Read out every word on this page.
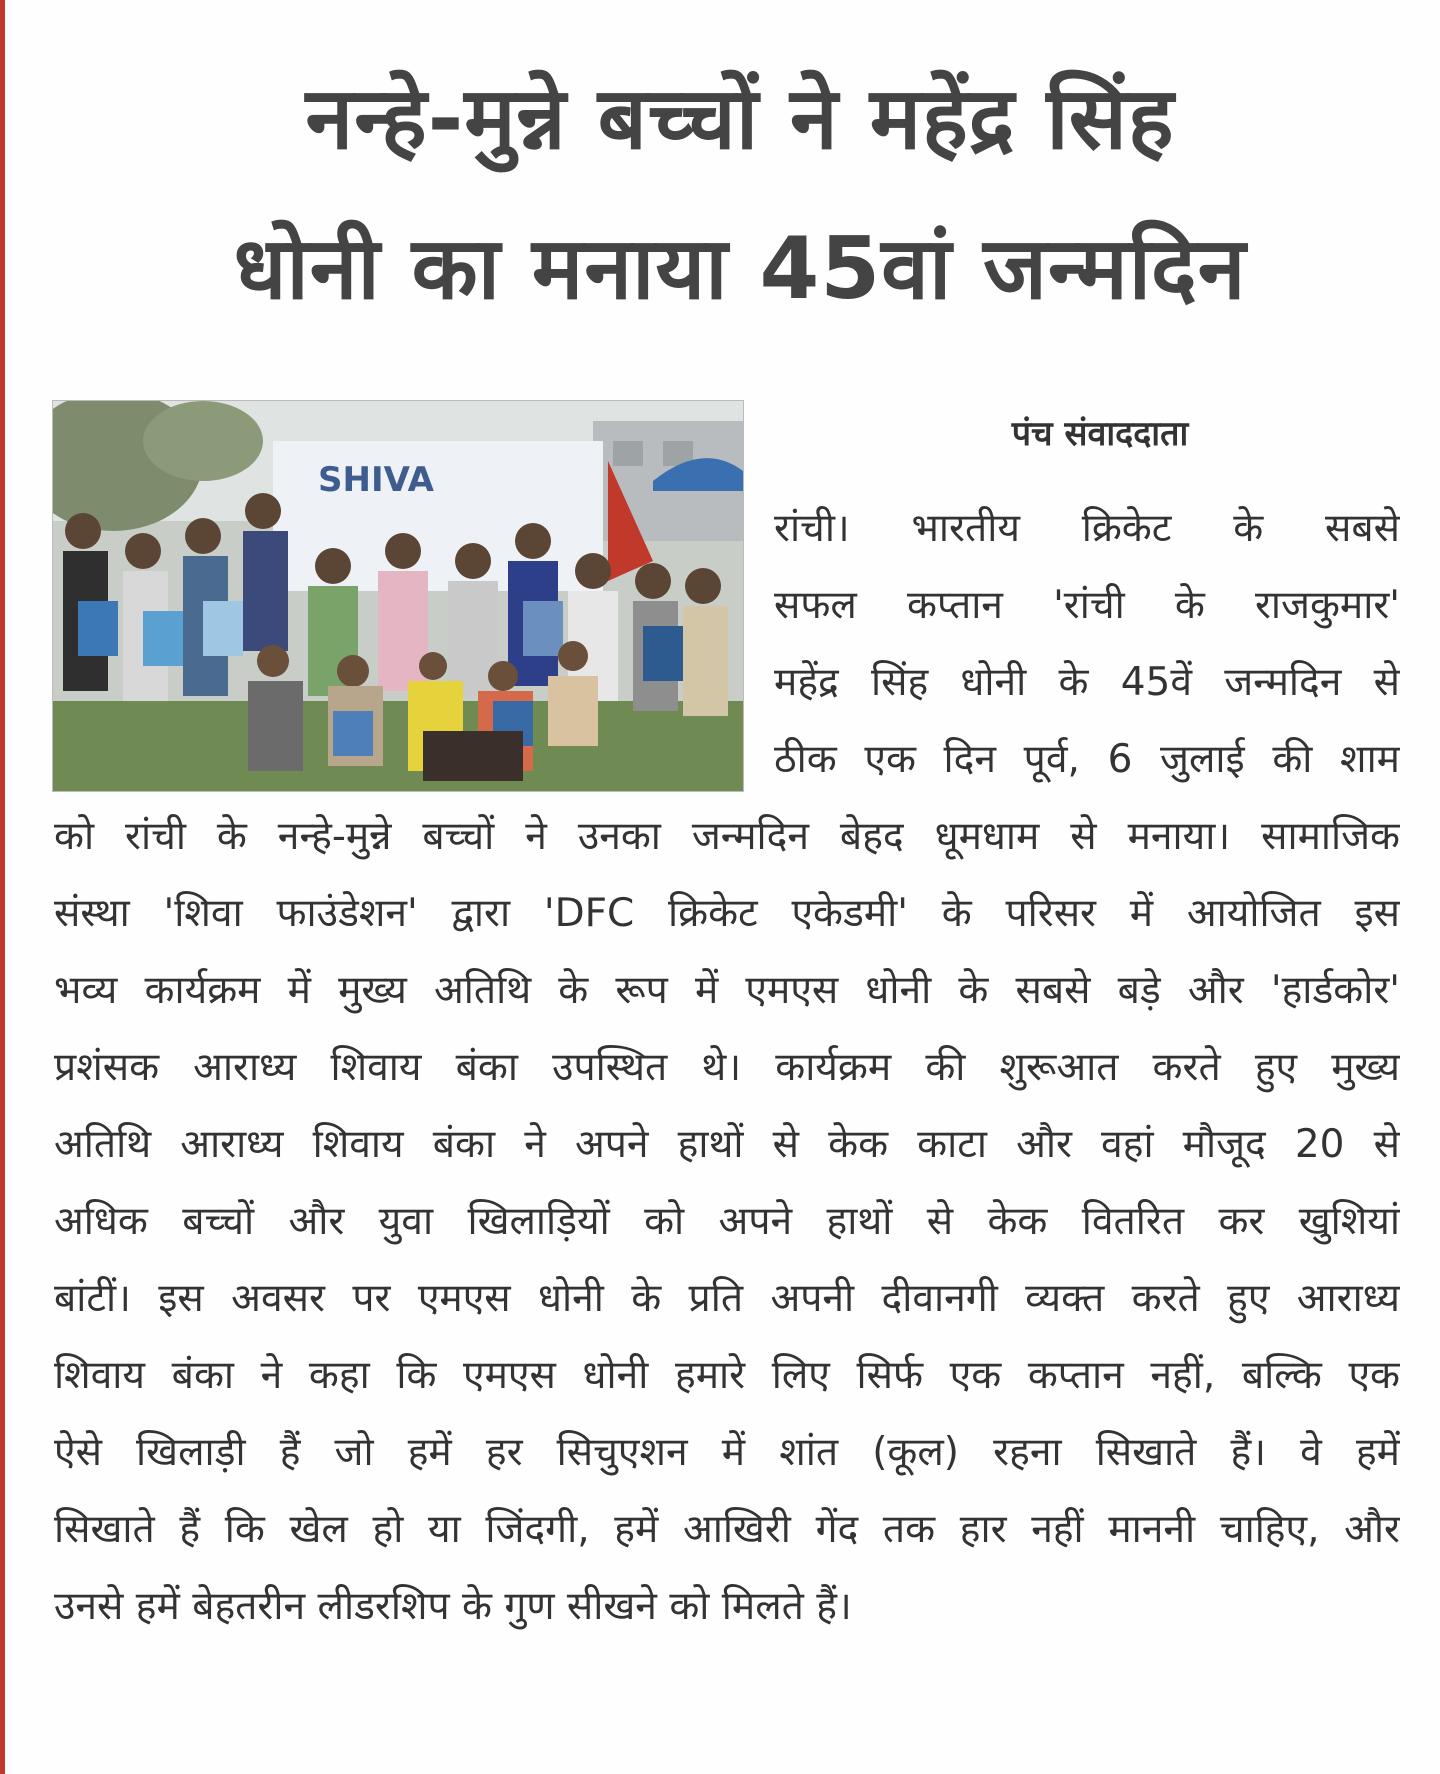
नन्हे-मुन्ने बच्चों ने महेंद्र सिंह
धोनी का मनाया 45वां जन्मदिन
SHIVA

पंच संवाददाता

रांची। भारतीय क्रिकेट के सबसे
सफल कप्तान 'रांची के राजकुमार'
महेंद्र सिंह धोनी के 45वें जन्मदिन से
ठीक एक दिन पूर्व, 6 जुलाई की शाम
को रांची के नन्हे-मुन्ने बच्चों ने उनका जन्मदिन बेहद धूमधाम से मनाया। सामाजिक
संस्था 'शिवा फाउंडेशन' द्वारा 'DFC क्रिकेट एकेडमी' के परिसर में आयोजित इस
भव्य कार्यक्रम में मुख्य अतिथि के रूप में एमएस धोनी के सबसे बड़े और 'हार्डकोर'
प्रशंसक आराध्य शिवाय बंका उपस्थित थे। कार्यक्रम की शुरूआत करते हुए मुख्य
अतिथि आराध्य शिवाय बंका ने अपने हाथों से केक काटा और वहां मौजूद 20 से
अधिक बच्चों और युवा खिलाड़ियों को अपने हाथों से केक वितरित कर खुशियां
बांटीं। इस अवसर पर एमएस धोनी के प्रति अपनी दीवानगी व्यक्त करते हुए आराध्य
शिवाय बंका ने कहा कि एमएस धोनी हमारे लिए सिर्फ एक कप्तान नहीं, बल्कि एक
ऐसे खिलाड़ी हैं जो हमें हर सिचुएशन में शांत (कूल) रहना सिखाते हैं। वे हमें
सिखाते हैं कि खेल हो या जिंदगी, हमें आखिरी गेंद तक हार नहीं माननी चाहिए, और
उनसे हमें बेहतरीन लीडरशिप के गुण सीखने को मिलते हैं।
